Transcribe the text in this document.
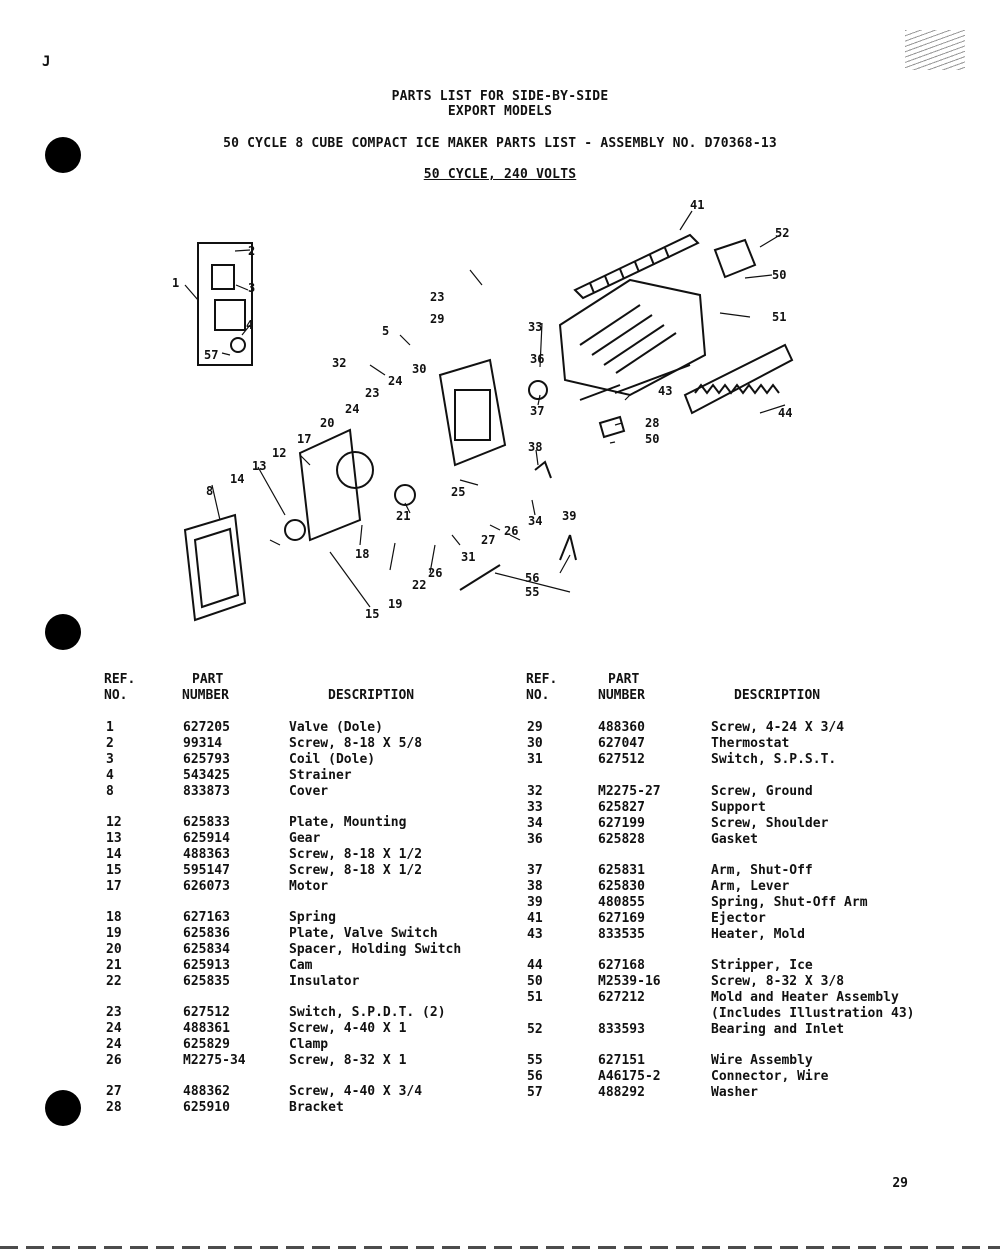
J
PARTS LIST FOR SIDE-BY-SIDE
EXPORT MODELS
50 CYCLE 8 CUBE COMPACT ICE MAKER PARTS LIST - ASSEMBLY NO. D70368-13
50 CYCLE, 240 VOLTS
41
52
50
51
1
2
3
4
57
23
29
33
5
32
23
24
30
36
37
38
43
44
28
50
24
17
20
12
13
14
8	25
21
26
34 39
27
31
26
22
18
19
15
56
55
REF.
NO.
PART
NUMBER	DESCRIPTION
REF.
NO.
PART
NUMBER	DESCRIPTION
1	627205	Valve (Dole)
2	99314	Screw, 8-18 X 5/8
3	625793	Coil (Dole)
4	543425	Strainer
8	833873	Cover
12	625833	Plate, Mounting
13	625914	Gear
14	488363	Screw, 8-18 X 1/2
15	595147	Screw, 8-18 X 1/2
17	626073	Motor
18	627163	Spring
19	625836	Plate, Valve Switch
20	625834	Spacer, Holding Switch
21	625913	Cam
22	625835	Insulator
23	627512	Switch, S.P.D.T. (2)
24	488361	Screw, 4-40 X 1
24	625829	Clamp
26	M2275-34	Screw, 8-32 X 1
27	488362	Screw, 4-40 X 3/4
28	625910	Bracket
29	488360	Screw, 4-24 X 3/4
30	627047	Thermostat
31	627512	Switch, S.P.S.T.
32	M2275-27	Screw, Ground
33	625827	Support
34	627199	Screw, Shoulder
36	625828	Gasket
37	625831	Arm, Shut-Off
38	625830	Arm, Lever
39	480855	Spring, Shut-Off Arm
41	627169	Ejector
43	833535	Heater, Mold
44	627168	Stripper, Ice
50	M2539-16	Screw, 8-32 X 3/8
51	627212	Mold and Heater Assembly
(Includes Illustration 43)
52	833593	Bearing and Inlet
55	627151	Wire Assembly
56	A46175-2	Connector, Wire
57	488292	Washer
29
